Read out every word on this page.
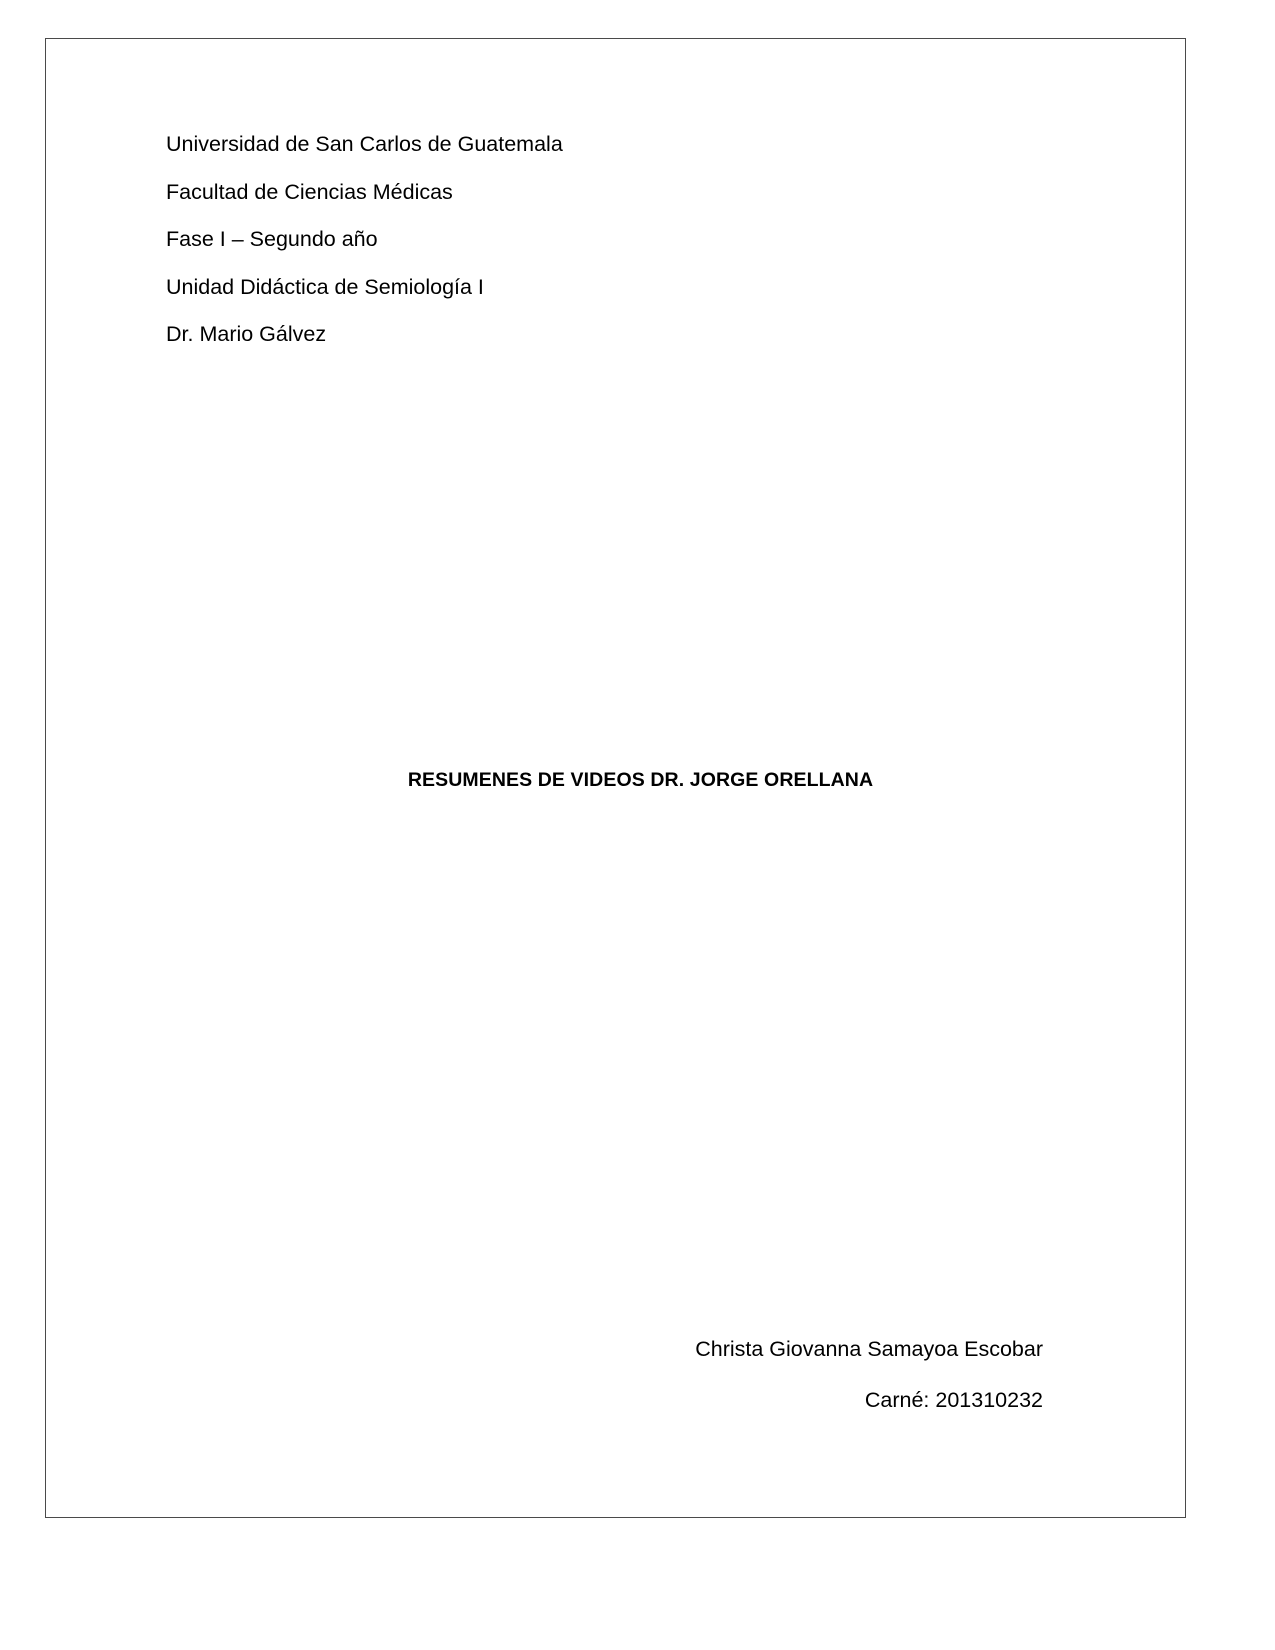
Universidad de San Carlos de Guatemala

Facultad de Ciencias Médicas

Fase I – Segundo año

Unidad Didáctica de Semiología I

Dr. Mario Gálvez

RESUMENES DE VIDEOS DR. JORGE ORELLANA

Christa Giovanna Samayoa Escobar

Carné: 201310232
